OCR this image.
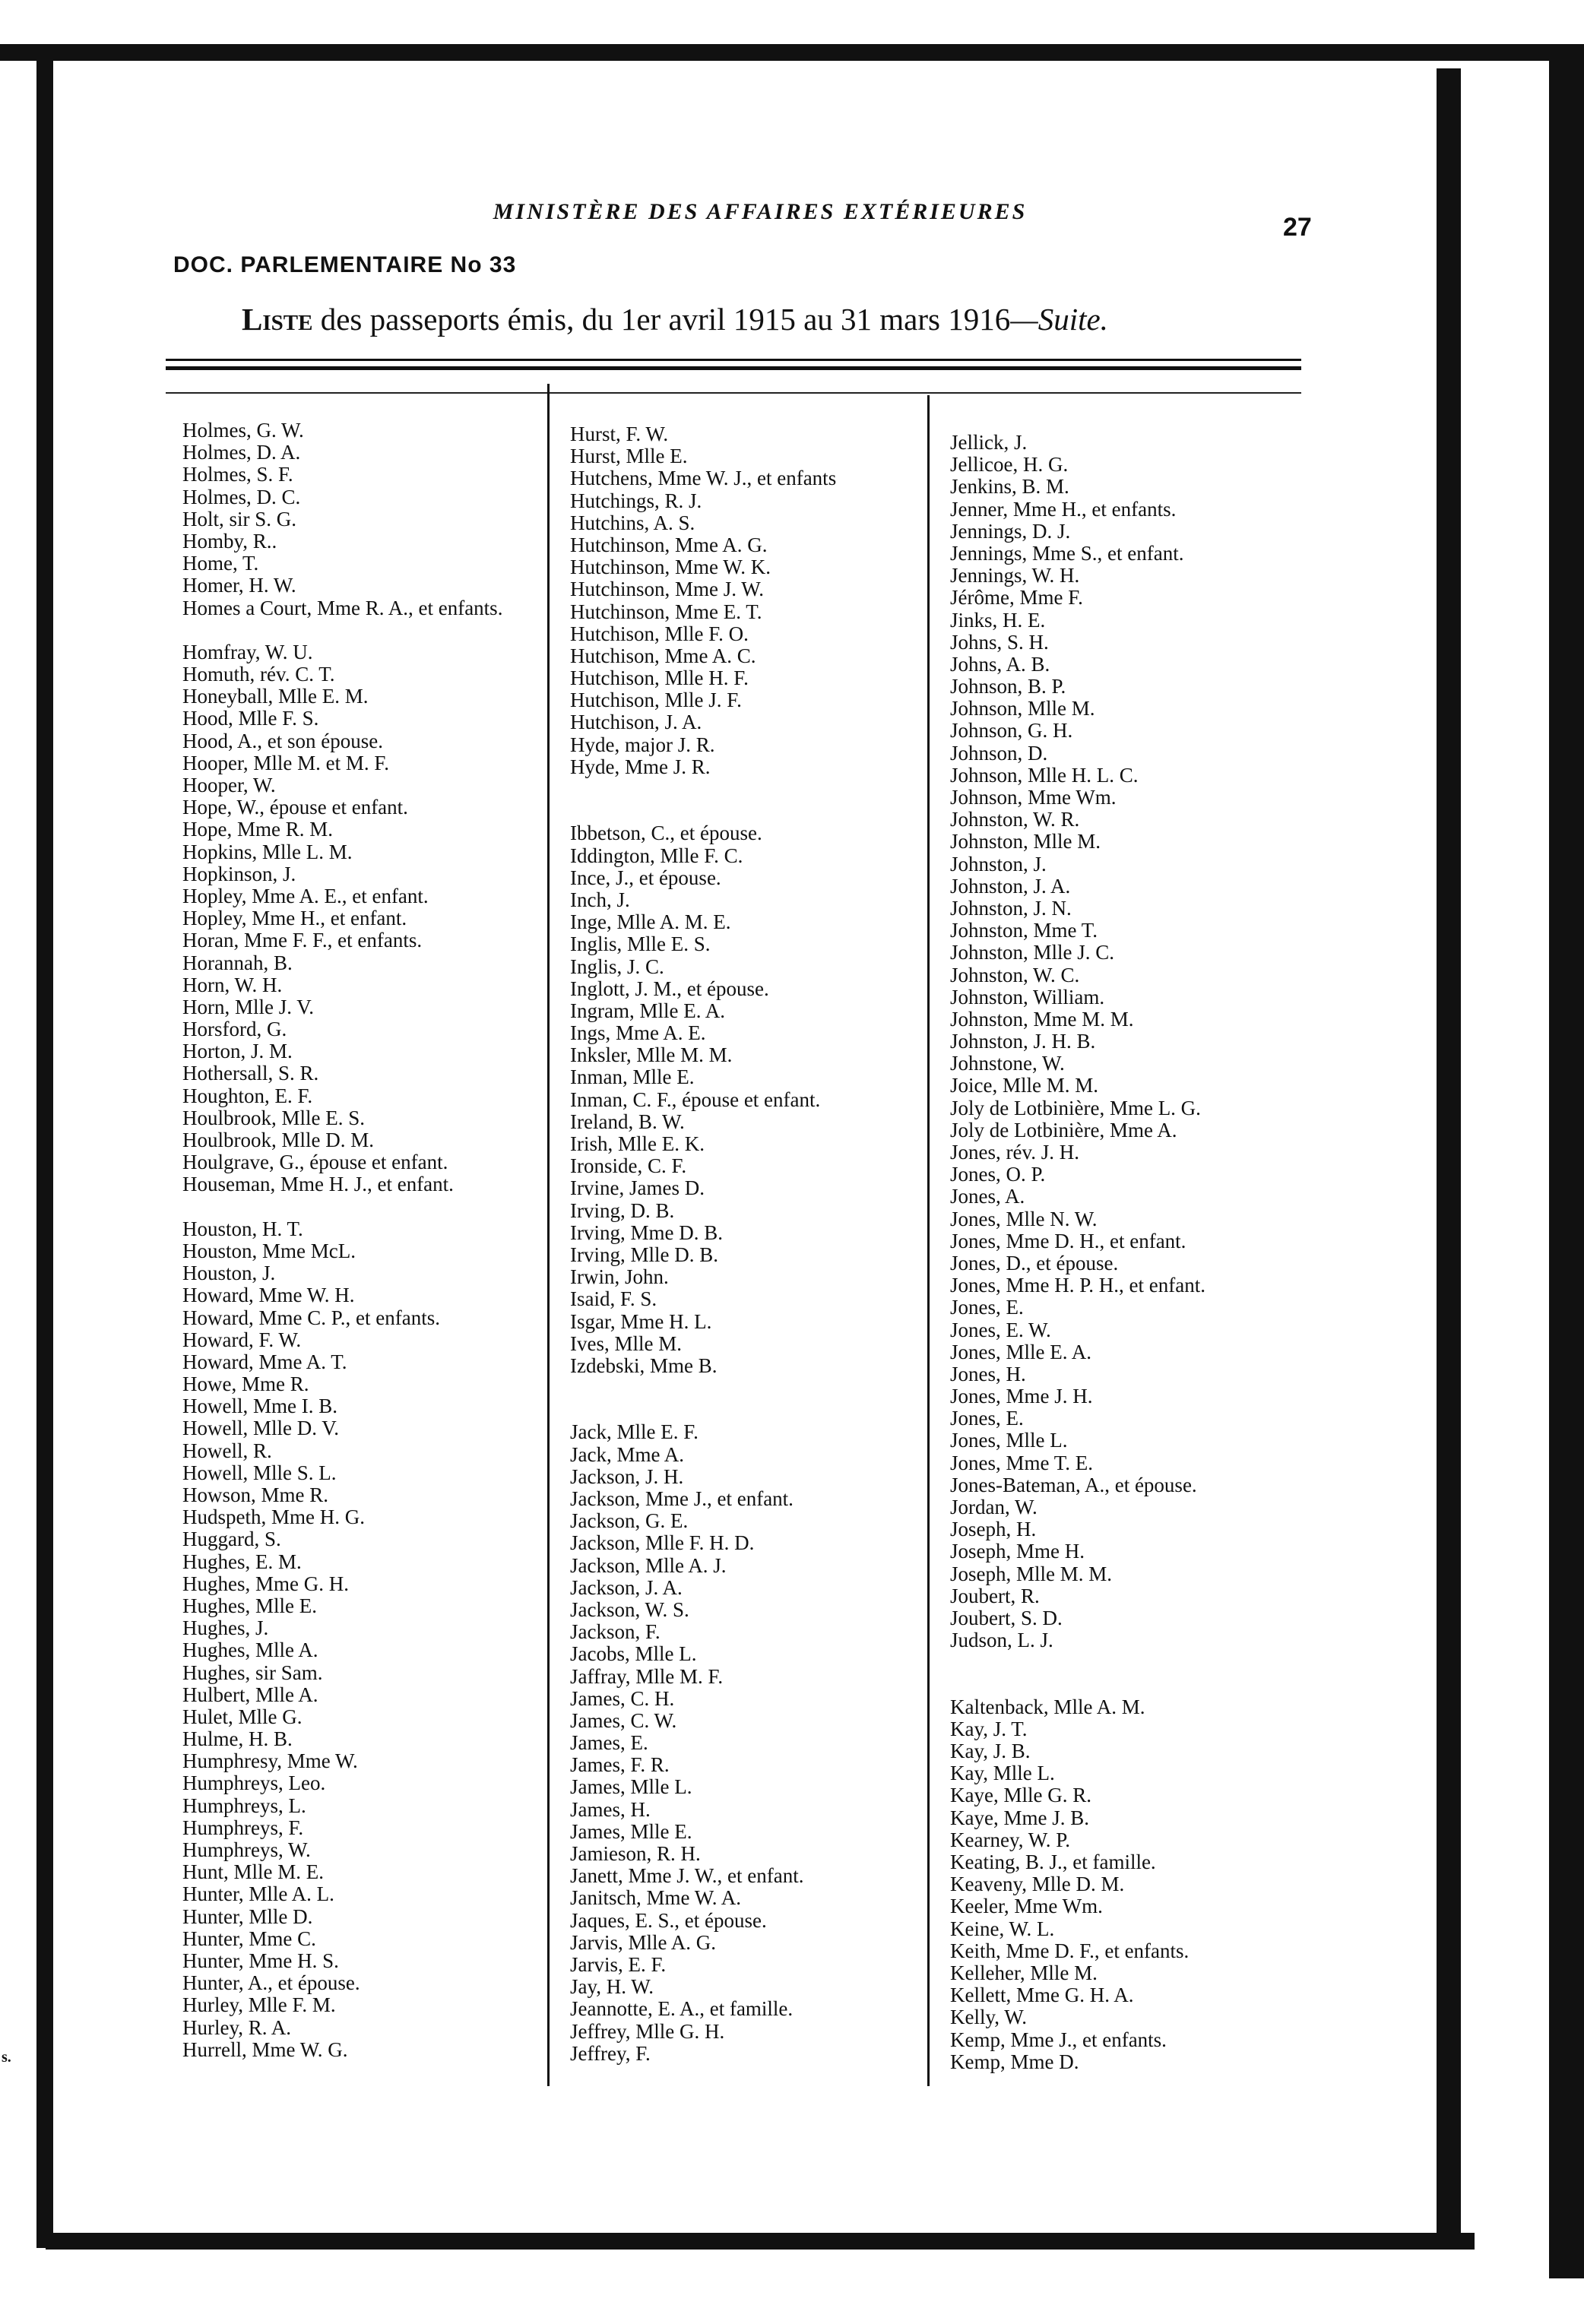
s.
MINISTÈRE DES AFFAIRES EXTÉRIEURES
27
DOC. PARLEMENTAIRE No 33
Liste des passeports émis, du 1er avril 1915 au 31 mars 1916—Suite.
Holmes, G. W.
Holmes, D. A.
Holmes, S. F.
Holmes, D. C.
Holt, sir S. G.
Homby, R..
Home, T.
Homer, H. W.
Homes a Court, Mme R. A., et enfants.
Homfray, W. U.
Homuth, rév. C. T.
Honeyball, Mlle E. M.
Hood, Mlle F. S.
Hood, A., et son épouse.
Hooper, Mlle M. et M. F.
Hooper, W.
Hope, W., épouse et enfant.
Hope, Mme R. M.
Hopkins, Mlle L. M.
Hopkinson, J.
Hopley, Mme A. E., et enfant.
Hopley, Mme H., et enfant.
Horan, Mme F. F., et enfants.
Horannah, B.
Horn, W. H.
Horn, Mlle J. V.
Horsford, G.
Horton, J. M.
Hothersall, S. R.
Houghton, E. F.
Houlbrook, Mlle E. S.
Houlbrook, Mlle D. M.
Houlgrave, G., épouse et enfant.
Houseman, Mme H. J., et enfant.
Houston, H. T.
Houston, Mme McL.
Houston, J.
Howard, Mme W. H.
Howard, Mme C. P., et enfants.
Howard, F. W.
Howard, Mme A. T.
Howe, Mme R.
Howell, Mme I. B.
Howell, Mlle D. V.
Howell, R.
Howell, Mlle S. L.
Howson, Mme R.
Hudspeth, Mme H. G.
Huggard, S.
Hughes, E. M.
Hughes, Mme G. H.
Hughes, Mlle E.
Hughes, J.
Hughes, Mlle A.
Hughes, sir Sam.
Hulbert, Mlle A.
Hulet, Mlle G.
Hulme, H. B.
Humphresy, Mme W.
Humphreys, Leo.
Humphreys, L.
Humphreys, F.
Humphreys, W.
Hunt, Mlle M. E.
Hunter, Mlle A. L.
Hunter, Mlle D.
Hunter, Mme C.
Hunter, Mme H. S.
Hunter, A., et épouse.
Hurley, Mlle F. M.
Hurley, R. A.
Hurrell, Mme W. G.
Hurst, F. W.
Hurst, Mlle E.
Hutchens, Mme W. J., et enfants
Hutchings, R. J.
Hutchins, A. S.
Hutchinson, Mme A. G.
Hutchinson, Mme W. K.
Hutchinson, Mme J. W.
Hutchinson, Mme E. T.
Hutchison, Mlle F. O.
Hutchison, Mme A. C.
Hutchison, Mlle H. F.
Hutchison, Mlle J. F.
Hutchison, J. A.
Hyde, major J. R.
Hyde, Mme J. R.
Ibbetson, C., et épouse.
Iddington, Mlle F. C.
Ince, J., et épouse.
Inch, J.
Inge, Mlle A. M. E.
Inglis, Mlle E. S.
Inglis, J. C.
Inglott, J. M., et épouse.
Ingram, Mlle E. A.
Ings, Mme A. E.
Inksler, Mlle M. M.
Inman, Mlle E.
Inman, C. F., épouse et enfant.
Ireland, B. W.
Irish, Mlle E. K.
Ironside, C. F.
Irvine, James D.
Irving, D. B.
Irving, Mme D. B.
Irving, Mlle D. B.
Irwin, John.
Isaid, F. S.
Isgar, Mme H. L.
Ives, Mlle M.
Izdebski, Mme B.
Jack, Mlle E. F.
Jack, Mme A.
Jackson, J. H.
Jackson, Mme J., et enfant.
Jackson, G. E.
Jackson, Mlle F. H. D.
Jackson, Mlle A. J.
Jackson, J. A.
Jackson, W. S.
Jackson, F.
Jacobs, Mlle L.
Jaffray, Mlle M. F.
James, C. H.
James, C. W.
James, E.
James, F. R.
James, Mlle L.
James, H.
James, Mlle E.
Jamieson, R. H.
Janett, Mme J. W., et enfant.
Janitsch, Mme W. A.
Jaques, E. S., et épouse.
Jarvis, Mlle A. G.
Jarvis, E. F.
Jay, H. W.
Jeannotte, E. A., et famille.
Jeffrey, Mlle G. H.
Jeffrey, F.
Jellick, J.
Jellicoe, H. G.
Jenkins, B. M.
Jenner, Mme H., et enfants.
Jennings, D. J.
Jennings, Mme S., et enfant.
Jennings, W. H.
Jérôme, Mme F.
Jinks, H. E.
Johns, S. H.
Johns, A. B.
Johnson, B. P.
Johnson, Mlle M.
Johnson, G. H.
Johnson, D.
Johnson, Mlle H. L. C.
Johnson, Mme Wm.
Johnston, W. R.
Johnston, Mlle M.
Johnston, J.
Johnston, J. A.
Johnston, J. N.
Johnston, Mme T.
Johnston, Mlle J. C.
Johnston, W. C.
Johnston, William.
Johnston, Mme M. M.
Johnston, J. H. B.
Johnstone, W.
Joice, Mlle M. M.
Joly de Lotbinière, Mme L. G.
Joly de Lotbinière, Mme A.
Jones, rév. J. H.
Jones, O. P.
Jones, A.
Jones, Mlle N. W.
Jones, Mme D. H., et enfant.
Jones, D., et épouse.
Jones, Mme H. P. H., et enfant.
Jones, E.
Jones, E. W.
Jones, Mlle E. A.
Jones, H.
Jones, Mme J. H.
Jones, E.
Jones, Mlle L.
Jones, Mme T. E.
Jones-Bateman, A., et épouse.
Jordan, W.
Joseph, H.
Joseph, Mme H.
Joseph, Mlle M. M.
Joubert, R.
Joubert, S. D.
Judson, L. J.
Kaltenback, Mlle A. M.
Kay, J. T.
Kay, J. B.
Kay, Mlle L.
Kaye, Mlle G. R.
Kaye, Mme J. B.
Kearney, W. P.
Keating, B. J., et famille.
Keaveny, Mlle D. M.
Keeler, Mme Wm.
Keine, W. L.
Keith, Mme D. F., et enfants.
Kelleher, Mlle M.
Kellett, Mme G. H. A.
Kelly, W.
Kemp, Mme J., et enfants.
Kemp, Mme D.
